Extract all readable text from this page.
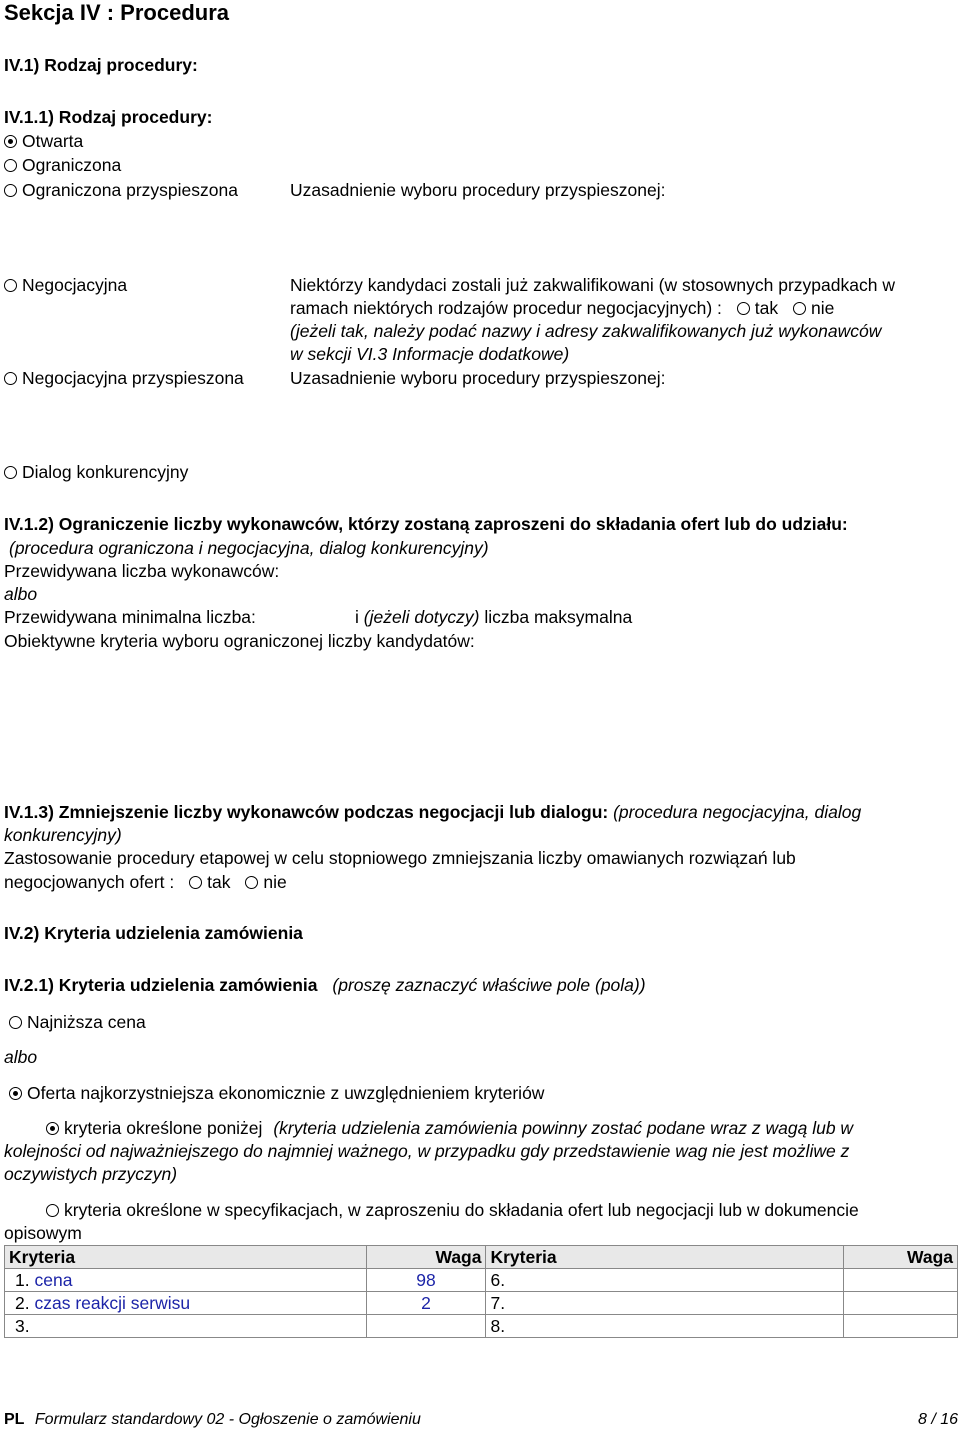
Sekcja IV : Procedura
IV.1) Rodzaj procedury:
IV.1.1) Rodzaj procedury:
Otwarta
Ograniczona
Ograniczona przyspieszona	Uzasadnienie wyboru procedury przyspieszonej:
Negocjacyjna	Niektórzy kandydaci zostali już zakwalifikowani (w stosownych przypadkach w
ramach niektórych rodzajów procedur negocjacyjnych) : tak nie
(jeżeli tak, należy podać nazwy i adresy zakwalifikowanych już wykonawców
w sekcji VI.3 Informacje dodatkowe)
Negocjacyjna przyspieszona	Uzasadnienie wyboru procedury przyspieszonej:
Dialog konkurencyjny
IV.1.2) Ograniczenie liczby wykonawców, którzy zostaną zaproszeni do składania ofert lub do udziału:
(procedura ograniczona i negocjacyjna, dialog konkurencyjny)
Przewidywana liczba wykonawców:
albo
Przewidywana minimalna liczba:	i (jeżeli dotyczy) liczba maksymalna
Obiektywne kryteria wyboru ograniczonej liczby kandydatów:
IV.1.3) Zmniejszenie liczby wykonawców podczas negocjacji lub dialogu: (procedura negocjacyjna, dialog
konkurencyjny)
Zastosowanie procedury etapowej w celu stopniowego zmniejszania liczby omawianych rozwiązań lub
negocjowanych ofert : tak nie
IV.2) Kryteria udzielenia zamówienia
IV.2.1) Kryteria udzielenia zamówienia (proszę zaznaczyć właściwe pole (pola))
Najniższa cena
albo
Oferta najkorzystniejsza ekonomicznie z uwzględnieniem kryteriów
kryteria określone poniżej (kryteria udzielenia zamówienia powinny zostać podane wraz z wagą lub w
kolejności od najważniejszego do najmniej ważnego, w przypadku gdy przedstawienie wag nie jest możliwe z
oczywistych przyczyn)
kryteria określone w specyfikacjach, w zaproszeniu do składania ofert lub negocjacji lub w dokumencie
opisowym
Kryteria	Waga	Kryteria	Waga
1. cena	98	6.	
2. czas reakcji serwisu	2	7.	
3.		8.	
PL Formularz standardowy 02 - Ogłoszenie o zamówieniu	8 / 16
